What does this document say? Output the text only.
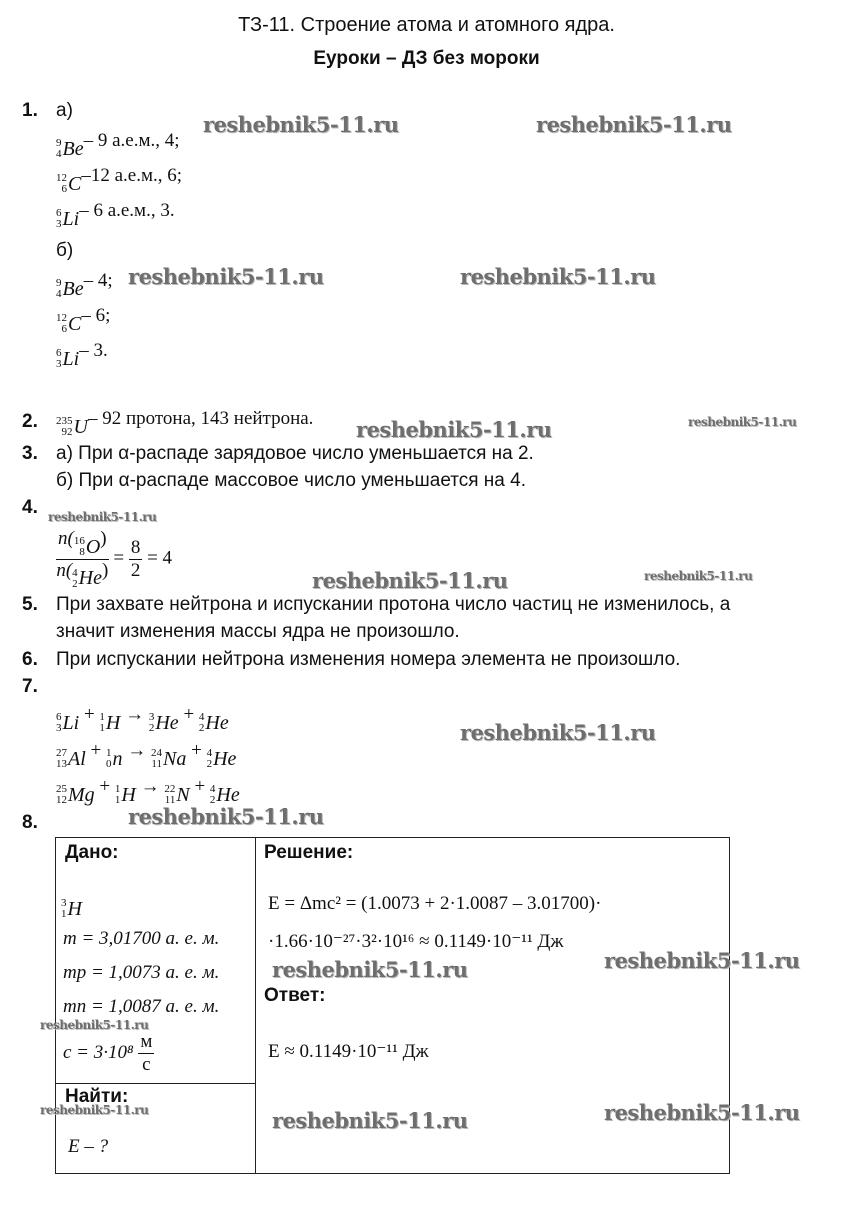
ТЗ-11. Строение атома и атомного ядра.
Еуроки – ДЗ без мороки
1. а)
9
4 Be – 9 а.е.м., 4;
12
6 C –12 а.е.м., 6;
6
3 Li – 6 а.е.м., 3.
б)
9
4 Be – 4;
12
6 C – 6;
6
3 Li – 3.
2. 235
92 U – 92 протона, 143 нейтрона.
3. а) При α-распаде зарядовое число уменьшается на 2.
б) При α-распаде массовое число уменьшается на 4.
4.
n( 16
8 O )
n( 4
2 He ) = $\frac{8}{2} = 4$
5. При захвате нейтрона и испускании протона число частиц не изменилось, а
значит изменения массы ядра не произошло.
6. При испускании нейтрона изменения номера элемента не произошло.
7.
6
3 Li + 1
1 H → 3
2 He + 4
2 He
27
13 Al + 1
0 n → 24
11 Na + 4
2 He
25
12 Mg + 1
1 H → 22
11 N + 4
2 He
8.
Дано:
3
1 H
m = 3,01700 а. е. м.
mp = 1,0073 а. е. м.
mn = 1,0087 а. е. м.
$c = 3\cdot 10^8 \frac{м}{с}$

Решение:
E = Δmc² = (1.0073 + 2·1.0087 – 3.01700)·
·1.66·10⁻²⁷·3²·10¹⁶ ≈ 0.1149·10⁻¹¹ Дж
Ответ:
E ≈ 0.1149·10⁻¹¹ Дж

Найти:
E – ?
reshebnik5-11.ru	reshebnik5-11.ru
reshebnik5-11.ru	reshebnik5-11.ru
reshebnik5-11.ru	reshebnik5-11.ru
reshebnik5-11.ru
reshebnik5-11.ru	reshebnik5-11.ru
reshebnik5-11.ru
reshebnik5-11.ru
reshebnik5-11.ru	reshebnik5-11.ru
reshebnik5-11.ru
reshebnik5-11.ru	reshebnik5-11.ru	reshebnik5-11.ru
